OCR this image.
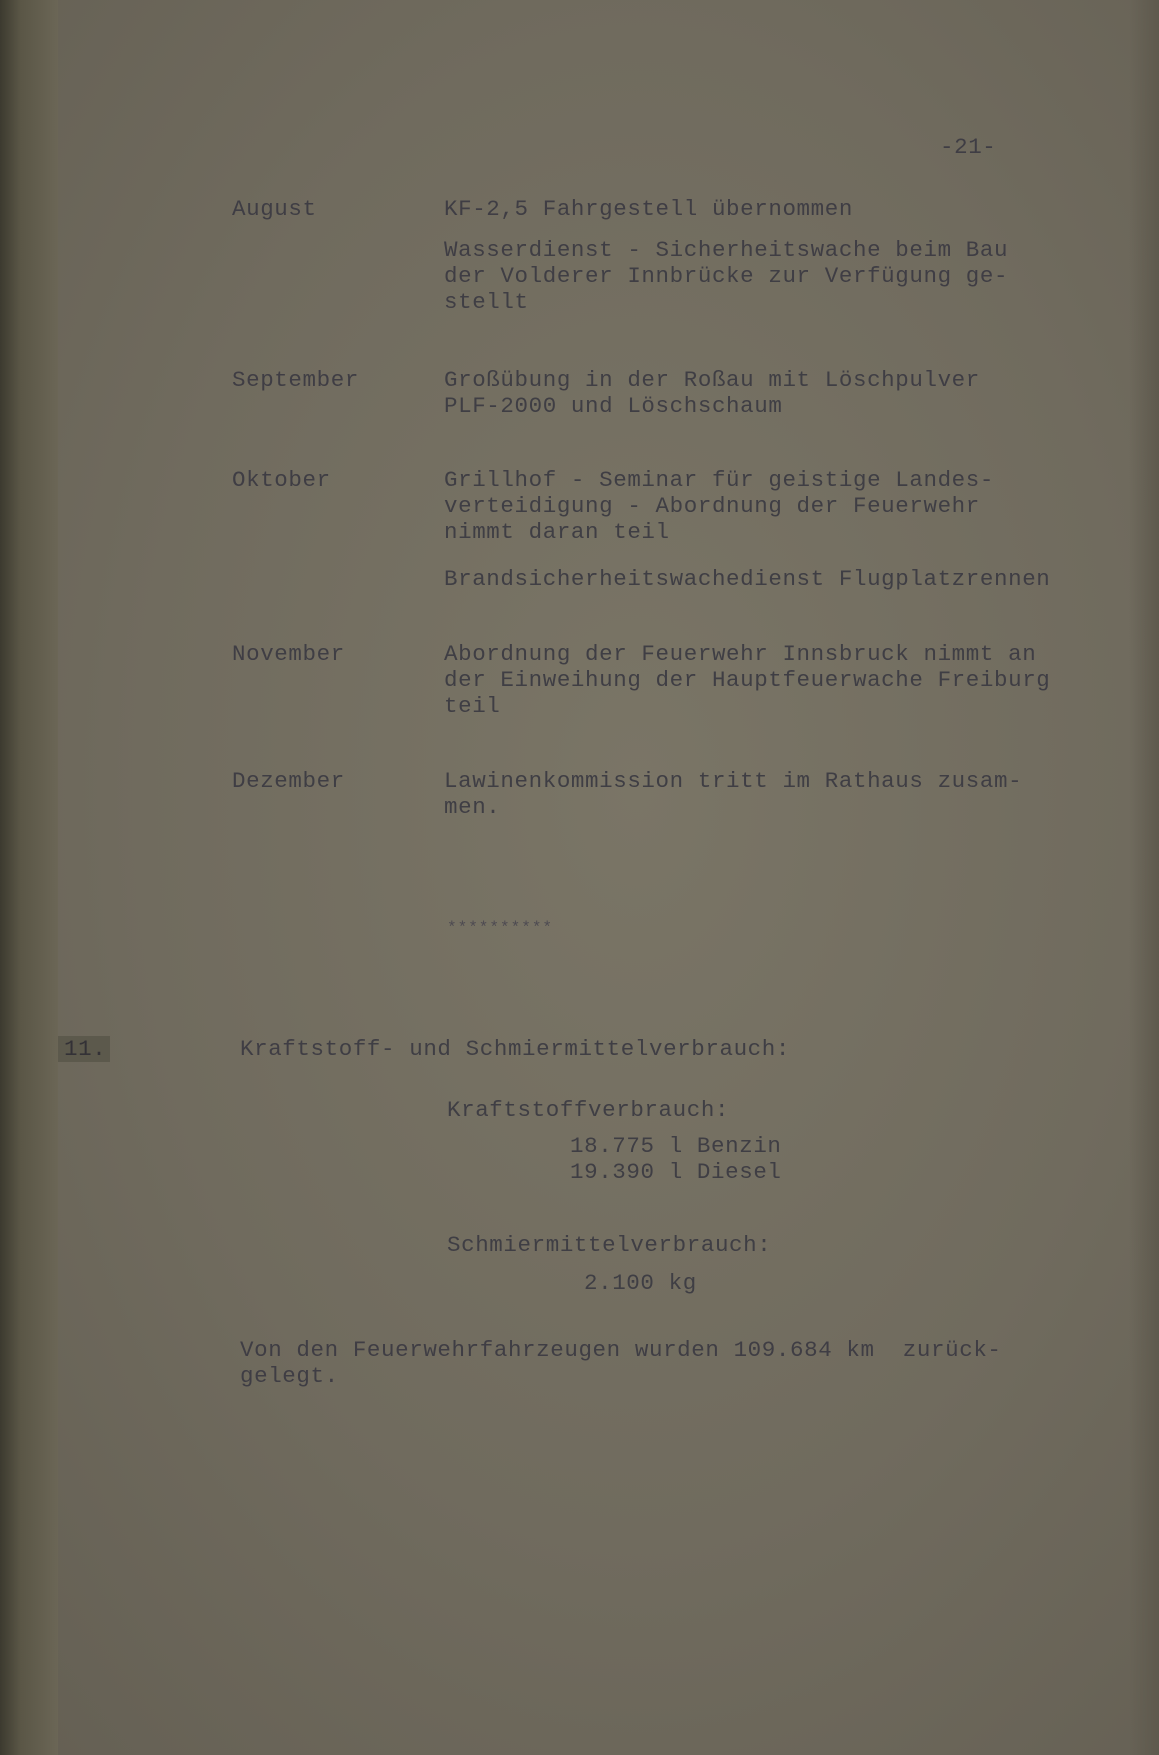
-21-
August	KF-2,5 Fahrgestell übernommen
Wasserdienst - Sicherheitswache beim Bau
der Volderer Innbrücke zur Verfügung ge-
stellt
September	Großübung in der Roßau mit Löschpulver
PLF-2000 und Löschschaum
Oktober	Grillhof - Seminar für geistige Landes-
verteidigung - Abordnung der Feuerwehr
nimmt daran teil
Brandsicherheitswachedienst Flugplatzrennen
November	Abordnung der Feuerwehr Innsbruck nimmt an
der Einweihung der Hauptfeuerwache Freiburg
teil
Dezember	Lawinenkommission tritt im Rathaus zusam-
men.
**********
11.	Kraftstoff- und Schmiermittelverbrauch:
Kraftstoffverbrauch:
18.775 l Benzin
19.390 l Diesel
Schmiermittelverbrauch:
2.100 kg
Von den Feuerwehrfahrzeugen wurden 109.684 km  zurück-
gelegt.
